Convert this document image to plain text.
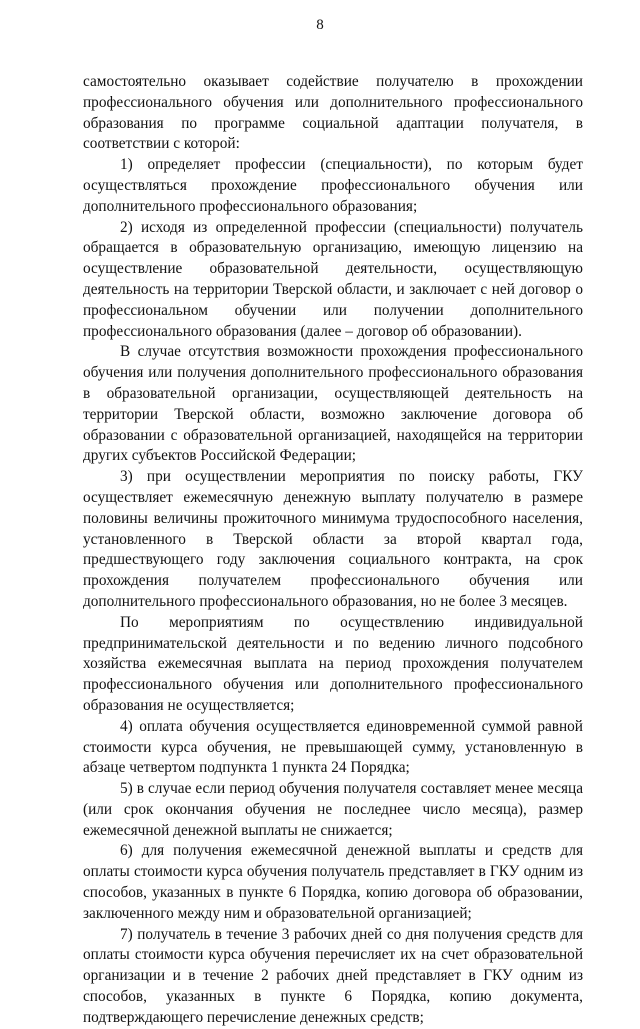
8

самостоятельно оказывает содействие получателю в прохождении профессионального обучения или дополнительного профессионального образования по программе социальной адаптации получателя, в соответствии с которой:

1) определяет профессии (специальности), по которым будет осуществляться прохождение профессионального обучения или дополнительного профессионального образования;

2) исходя из определенной профессии (специальности) получатель обращается в образовательную организацию, имеющую лицензию на осуществление образовательной деятельности, осуществляющую деятельность на территории Тверской области, и заключает с ней договор о профессиональном обучении или получении дополнительного профессионального образования (далее – договор об образовании).

В случае отсутствия возможности прохождения профессионального обучения или получения дополнительного профессионального образования в образовательной организации, осуществляющей деятельность на территории Тверской области, возможно заключение договора об образовании с образовательной организацией, находящейся на территории других субъектов Российской Федерации;

3) при осуществлении мероприятия по поиску работы, ГКУ осуществляет ежемесячную денежную выплату получателю в размере половины величины прожиточного минимума трудоспособного населения, установленного в Тверской области за второй квартал года, предшествующего году заключения социального контракта, на срок прохождения получателем профессионального обучения или дополнительного профессионального образования, но не более 3 месяцев.

По мероприятиям по осуществлению индивидуальной предпринимательской деятельности и по ведению личного подсобного хозяйства ежемесячная выплата на период прохождения получателем профессионального обучения или дополнительного профессионального образования не осуществляется;

4) оплата обучения осуществляется единовременной суммой равной стоимости курса обучения, не превышающей сумму, установленную в абзаце четвертом подпункта 1 пункта 24 Порядка;

5) в случае если период обучения получателя составляет менее месяца (или срок окончания обучения не последнее число месяца), размер ежемесячной денежной выплаты не снижается;

6) для получения ежемесячной денежной выплаты и средств для оплаты стоимости курса обучения получатель представляет в ГКУ одним из способов, указанных в пункте 6 Порядка, копию договора об образовании, заключенного между ним и образовательной организацией;

7) получатель в течение 3 рабочих дней со дня получения средств для оплаты стоимости курса обучения перечисляет их на счет образовательной организации и в течение 2 рабочих дней представляет в ГКУ одним из способов, указанных в пункте 6 Порядка, копию документа, подтверждающего перечисление денежных средств;
